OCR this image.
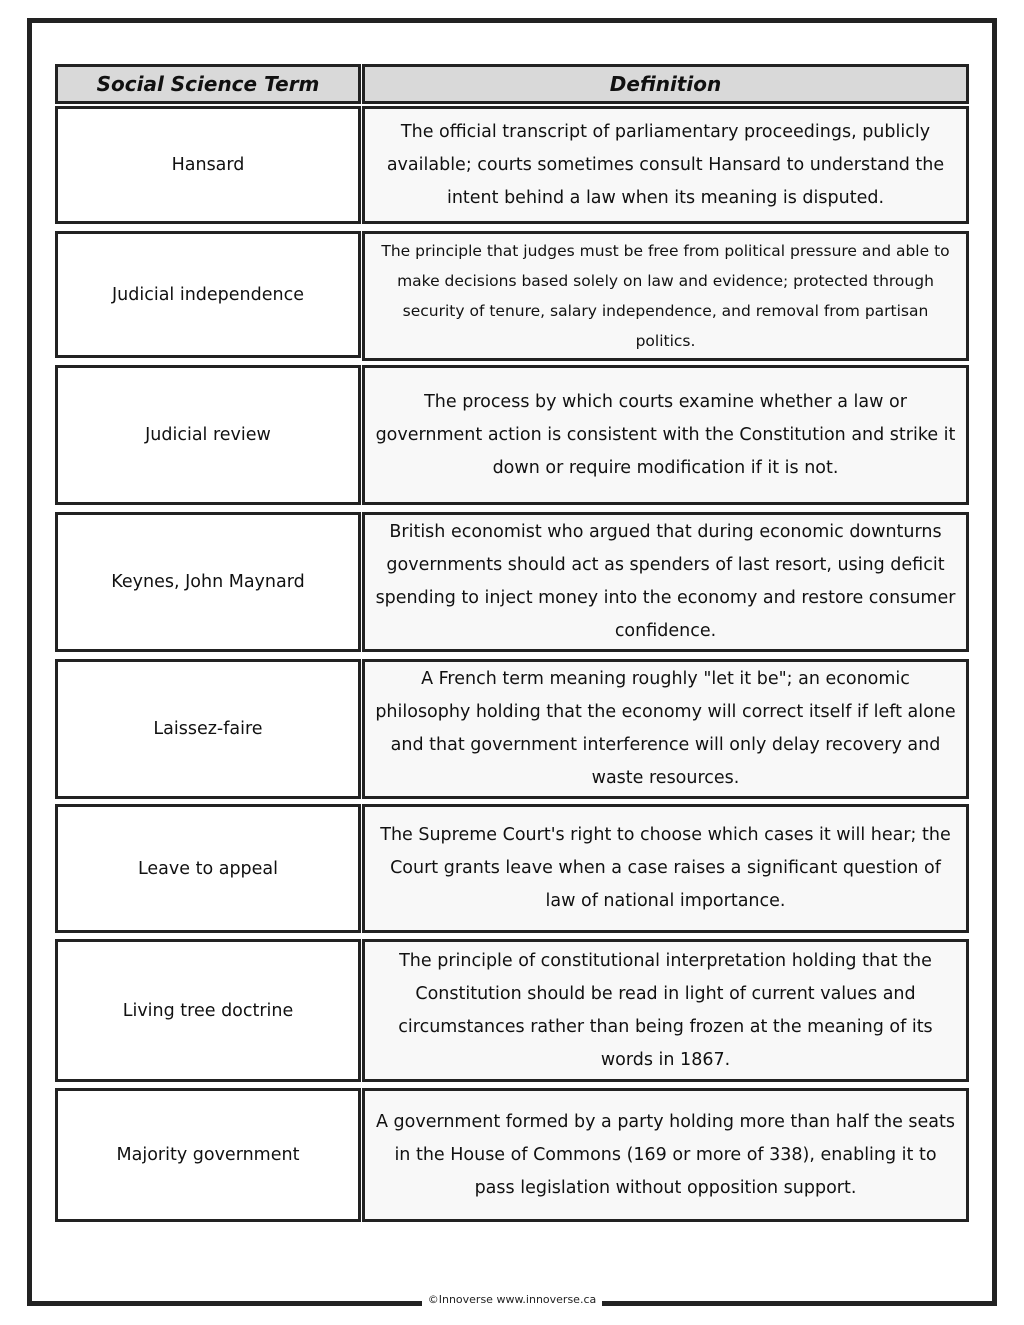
Social Science Term	Definition
Hansard
The official transcript of parliamentary proceedings, publicly available; courts sometimes consult Hansard to understand the intent behind a law when its meaning is disputed.
Judicial independence
The principle that judges must be free from political pressure and able to make decisions based solely on law and evidence; protected through security of tenure, salary independence, and removal from partisan politics.
Judicial review
The process by which courts examine whether a law or government action is consistent with the Constitution and strike it down or require modification if it is not.
Keynes, John Maynard
British economist who argued that during economic downturns governments should act as spenders of last resort, using deficit spending to inject money into the economy and restore consumer confidence.
Laissez-faire
A French term meaning roughly "let it be"; an economic philosophy holding that the economy will correct itself if left alone and that government interference will only delay recovery and waste resources.
Leave to appeal
The Supreme Court's right to choose which cases it will hear; the Court grants leave when a case raises a significant question of law of national importance.
Living tree doctrine
The principle of constitutional interpretation holding that the Constitution should be read in light of current values and circumstances rather than being frozen at the meaning of its words in 1867.
Majority government
A government formed by a party holding more than half the seats in the House of Commons (169 or more of 338), enabling it to pass legislation without opposition support.
©Innoverse www.innoverse.ca
